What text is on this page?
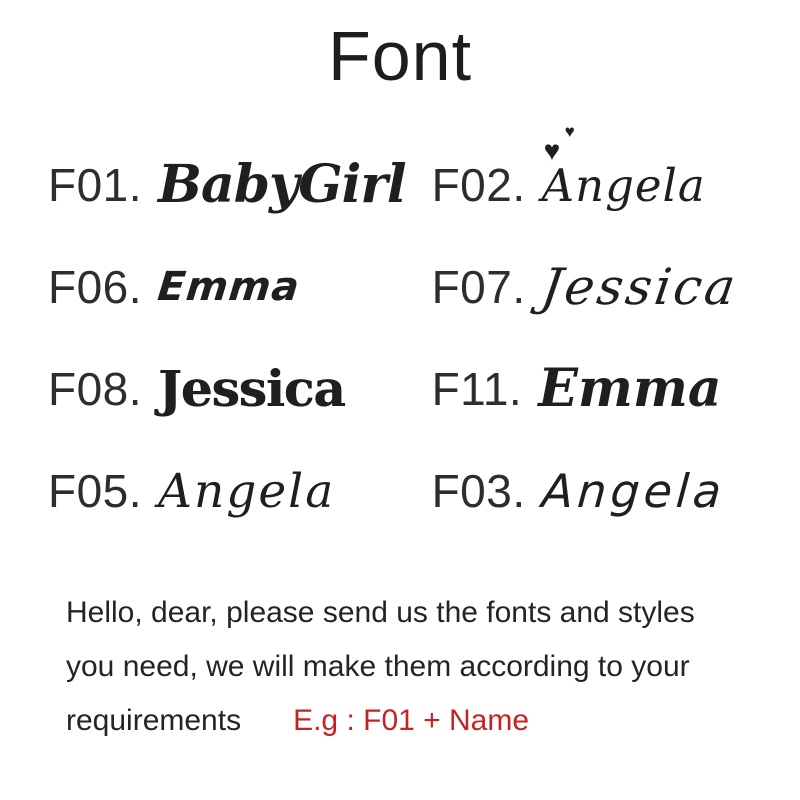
Font
F01. BabyGirl F02.
♥
♥
Angela
F06. Emma	F07. Jessica
F08. Jessica F11. Emma
F05. Angela F03. Angela

Hello, dear, please send us the fonts and styles
you need, we will make them according to your
requirements E.g : F01 + Name
